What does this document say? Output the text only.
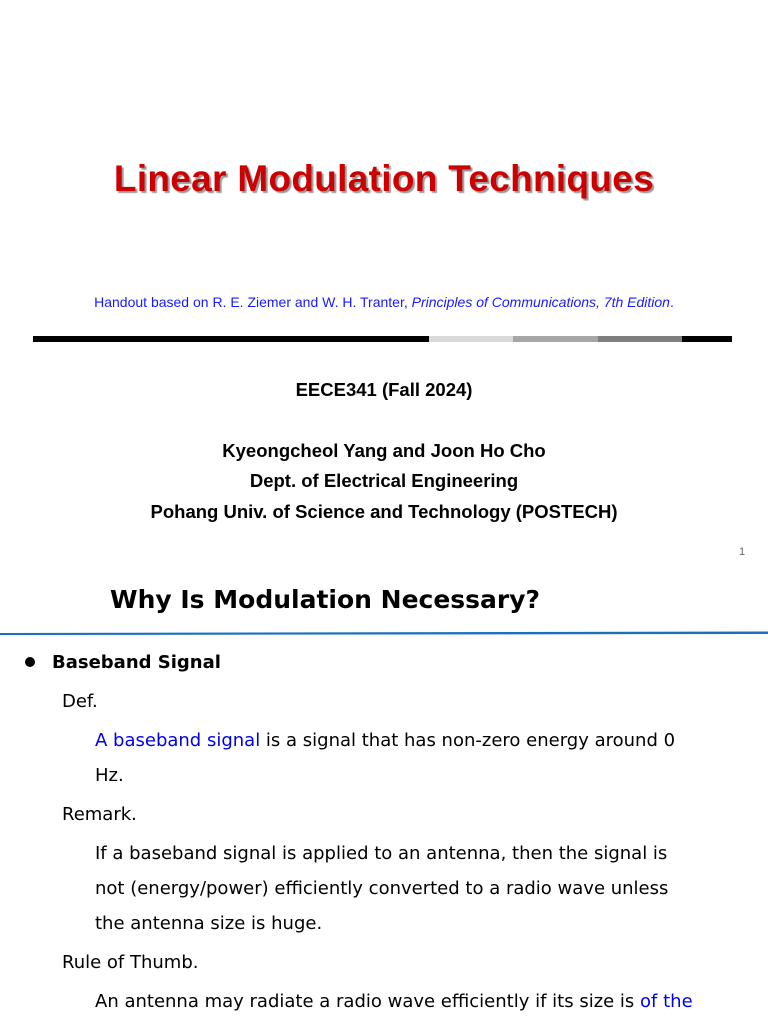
Linear Modulation Techniques
Handout based on R. E. Ziemer and W. H. Tranter, Principles of Communications, 7th Edition.
EECE341 (Fall 2024)
Kyeongcheol Yang and Joon Ho Cho
Dept. of Electrical Engineering
Pohang Univ. of Science and Technology (POSTECH)
1
Why Is Modulation Necessary?
Baseband Signal
Def.
A baseband signal is a signal that has non-zero energy around 0
Hz.
Remark.
If a baseband signal is applied to an antenna, then the signal is
not (energy/power) efficiently converted to a radio wave unless
the antenna size is huge.
Rule of Thumb.
An antenna may radiate a radio wave efficiently if its size is of the
